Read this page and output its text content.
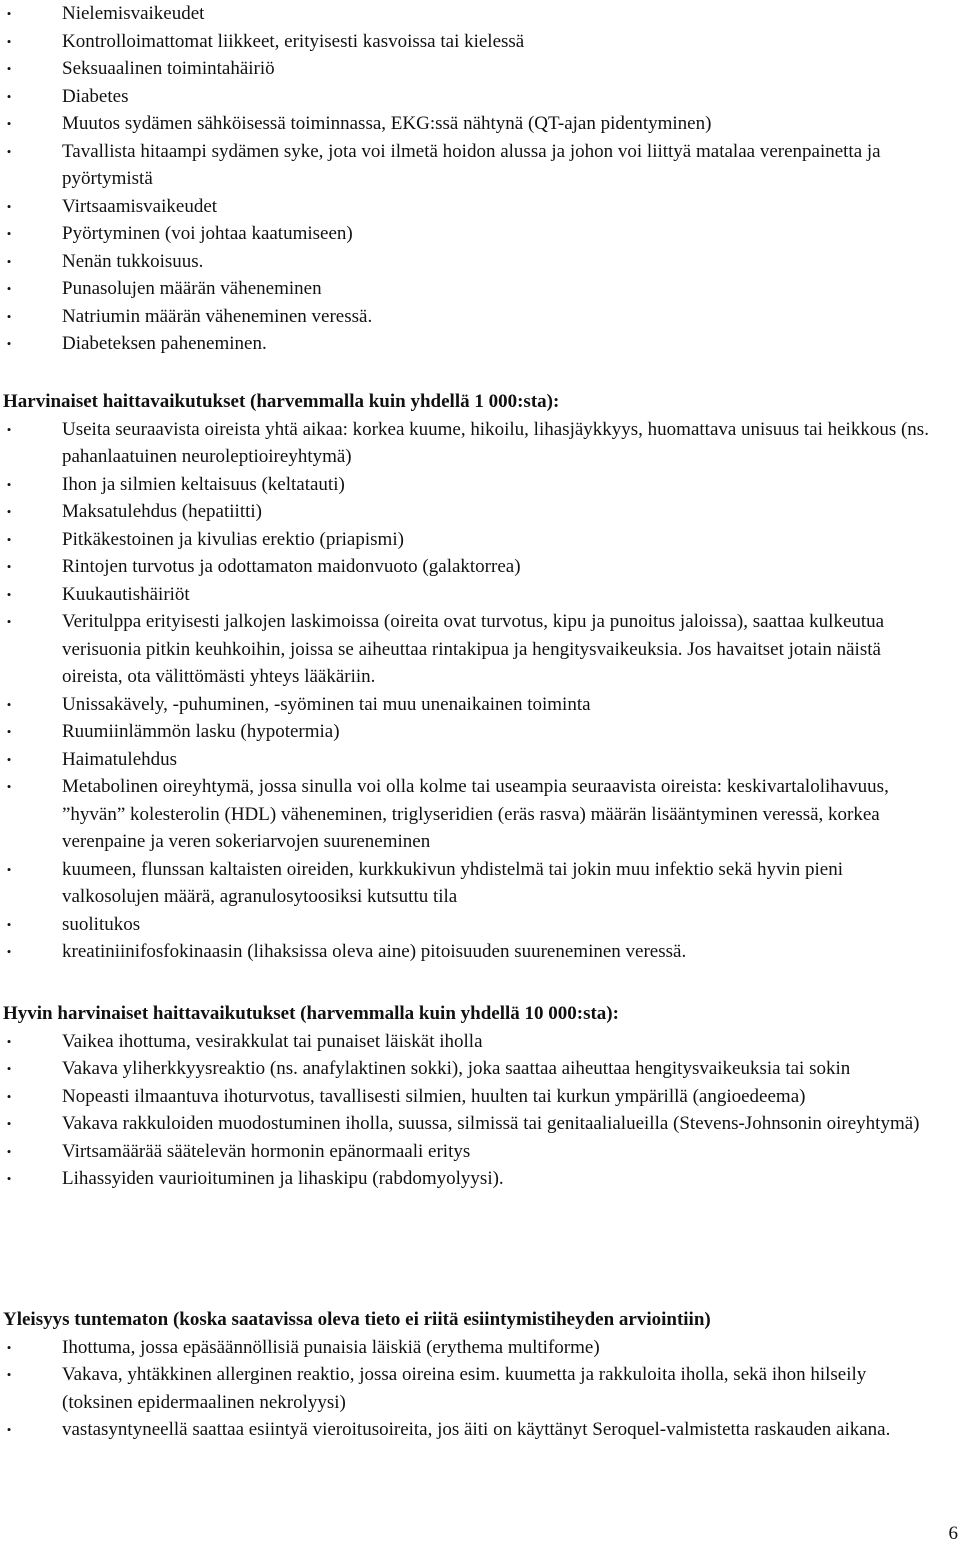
•	Nielemisvaikeudet
•	Kontrolloimattomat liikkeet, erityisesti kasvoissa tai kielessä
•	Seksuaalinen toimintahäiriö
•	Diabetes
•	Muutos sydämen sähköisessä toiminnassa, EKG:ssä nähtynä (QT-ajan pidentyminen)
•	Tavallista hitaampi sydämen syke, jota voi ilmetä hoidon alussa ja johon voi liittyä matalaa verenpainetta ja pyörtymistä
•	Virtsaamisvaikeudet
•	Pyörtyminen (voi johtaa kaatumiseen)
•	Nenän tukkoisuus.
•	Punasolujen määrän väheneminen
•	Natriumin määrän väheneminen veressä.
•	Diabeteksen paheneminen.
Harvinaiset haittavaikutukset (harvemmalla kuin yhdellä 1 000:sta):
•	Useita seuraavista oireista yhtä aikaa: korkea kuume, hikoilu, lihasjäykkyys, huomattava unisuus tai heikkous (ns. pahanlaatuinen neuroleptioireyhtymä)
•	Ihon ja silmien keltaisuus (keltatauti)
•	Maksatulehdus (hepatiitti)
•	Pitkäkestoinen ja kivulias erektio (priapismi)
•	Rintojen turvotus ja odottamaton maidonvuoto (galaktorrea)
•	Kuukautishäiriöt
•	Veritulppa erityisesti jalkojen laskimoissa (oireita ovat turvotus, kipu ja punoitus jaloissa), saattaa kulkeutua verisuonia pitkin keuhkoihin, joissa se aiheuttaa rintakipua ja hengitysvaikeuksia. Jos havaitset jotain näistä oireista, ota välittömästi yhteys lääkäriin.
•	Unissakävely, -puhuminen, -syöminen tai muu unenaikainen toiminta
•	Ruumiinlämmön lasku (hypotermia)
•	Haimatulehdus
•	Metabolinen oireyhtymä, jossa sinulla voi olla kolme tai useampia seuraavista oireista: keskivartalolihavuus, ”hyvän” kolesterolin (HDL) väheneminen, triglyseridien (eräs rasva) määrän lisääntyminen veressä, korkea verenpaine ja veren sokeriarvojen suureneminen
•	kuumeen, flunssan kaltaisten oireiden, kurkkukivun yhdistelmä tai jokin muu infektio sekä hyvin pieni valkosolujen määrä, agranulosytoosiksi kutsuttu tila
•	suolitukos
•	kreatiniinifosfokinaasin (lihaksissa oleva aine) pitoisuuden suureneminen veressä.
Hyvin harvinaiset haittavaikutukset (harvemmalla kuin yhdellä 10 000:sta):
•	Vaikea ihottuma, vesirakkulat tai punaiset läiskät iholla
•	Vakava yliherkkyysreaktio (ns. anafylaktinen sokki), joka saattaa aiheuttaa hengitysvaikeuksia tai sokin
•	Nopeasti ilmaantuva ihoturvotus, tavallisesti silmien, huulten tai kurkun ympärillä (angioedeema)
•	Vakava rakkuloiden muodostuminen iholla, suussa, silmissä tai genitaalialueilla (Stevens-Johnsonin oireyhtymä)
•	Virtsamäärää säätelevän hormonin epänormaali eritys
•	Lihassyiden vaurioituminen ja lihaskipu (rabdomyolyysi).
Yleisyys tuntematon (koska saatavissa oleva tieto ei riitä esiintymistiheyden arviointiin)
•	Ihottuma, jossa epäsäännöllisiä punaisia läiskiä (erythema multiforme)
•	Vakava, yhtäkkinen allerginen reaktio, jossa oireina esim. kuumetta ja rakkuloita iholla, sekä ihon hilseily (toksinen epidermaalinen nekrolyysi)
•	vastasyntyneellä saattaa esiintyä vieroitusoireita, jos äiti on käyttänyt Seroquel-valmistetta raskauden aikana.
6
